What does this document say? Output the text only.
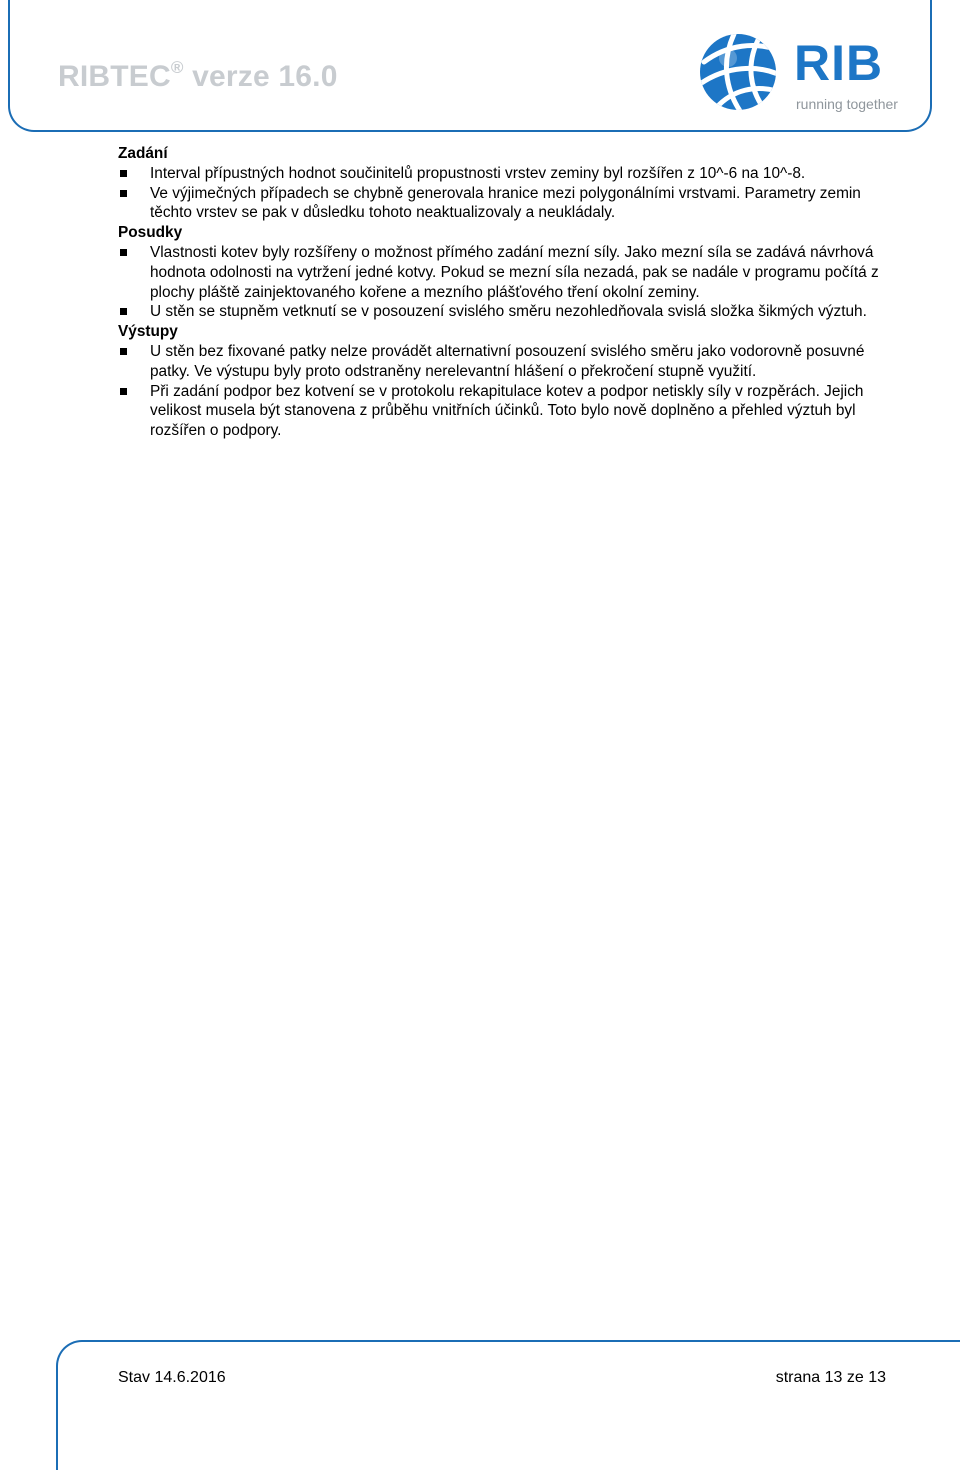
RIBTEC® verze 16.0	RIB
running together
Zadání
Interval přípustných hodnot součinitelů propustnosti vrstev zeminy byl rozšířen z 10^-6 na 10^-8.
Ve výjimečných případech se chybně generovala hranice mezi polygonálními vrstvami. Parametry zemin těchto vrstev se pak v důsledku tohoto neaktualizovaly a neukládaly.
Posudky
Vlastnosti kotev byly rozšířeny o možnost přímého zadání mezní síly. Jako mezní síla se zadává návrhová hodnota odolnosti na vytržení jedné kotvy. Pokud se mezní síla nezadá, pak se nadále v programu počítá z plochy pláště zainjektovaného kořene a mezního plášťového tření okolní zeminy.
U stěn se stupněm vetknutí se v posouzení svislého směru nezohledňovala svislá složka šikmých výztuh.
Výstupy
U stěn bez fixované patky nelze provádět alternativní posouzení svislého směru jako vodorovně posuvné patky. Ve výstupu byly proto odstraněny nerelevantní hlášení o překročení stupně využití.
Při zadání podpor bez kotvení se v protokolu rekapitulace kotev a podpor netiskly síly v rozpěrách. Jejich velikost musela být stanovena z průběhu vnitřních účinků. Toto bylo nově doplněno a přehled výztuh byl rozšířen o podpory.
Stav 14.6.2016	strana 13 ze 13
